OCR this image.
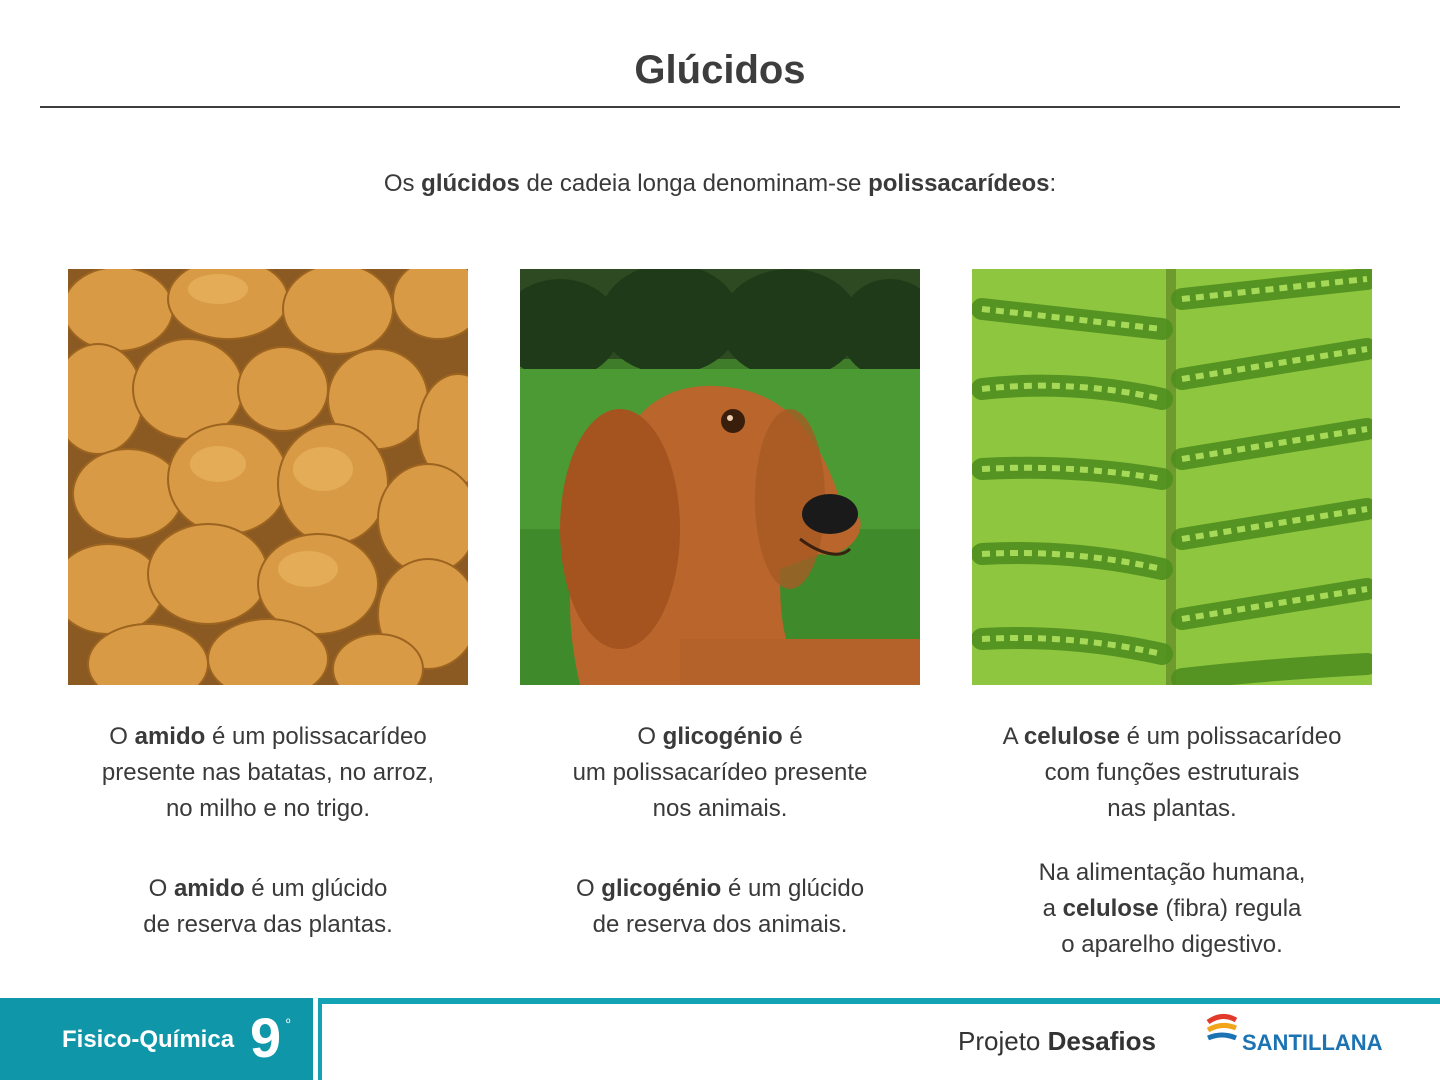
Glúcidos
Os glúcidos de cadeia longa denominam-se polissacarídeos:
O amido é um polissacarídeo
presente nas batatas, no arroz,
no milho e no trigo.
O amido é um glúcido
de reserva das plantas.
O glicogénio é
um polissacarídeo presente
nos animais.
O glicogénio é um glúcido
de reserva dos animais.
A celulose é um polissacarídeo
com funções estruturais
nas plantas.
Na alimentação humana,
a celulose (fibra) regula
o aparelho digestivo.
Fisico-Química 9 º
Projeto Desafios	SANTILLANA
